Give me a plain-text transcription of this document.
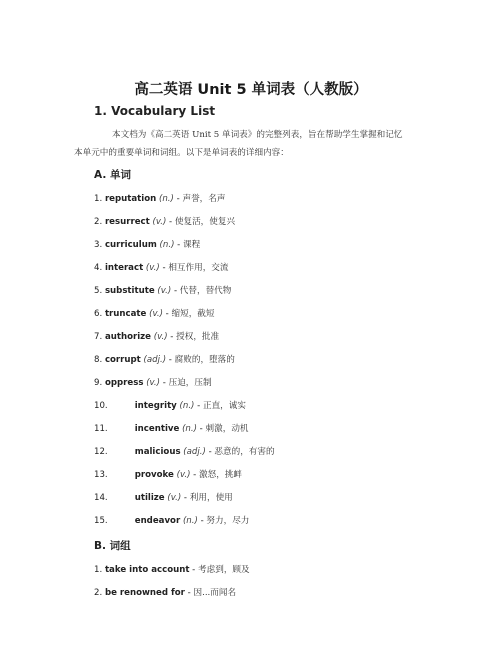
高二英语 Unit 5 单词表（人教版）
1. Vocabulary List
本文档为《高二英语 Unit 5 单词表》的完整列表，旨在帮助学生掌握和记忆
本单元中的重要单词和词组。以下是单词表的详细内容：
A. 单词
1. reputation (n.) - 声誉，名声
2. resurrect (v.) - 使复活，使复兴
3. curriculum (n.) - 课程
4. interact (v.) - 相互作用，交流
5. substitute (v.) - 代替，替代物
6. truncate (v.) - 缩短，截短
7. authorize (v.) - 授权，批准
8. corrupt (adj.) - 腐败的，堕落的
9. oppress (v.) - 压迫，压制
10.	integrity (n.) - 正直，诚实
11.	incentive (n.) - 刺激，动机
12.	malicious (adj.) - 恶意的，有害的
13.	provoke (v.) - 激怒，挑衅
14.	utilize (v.) - 利用，使用
15.	endeavor (n.) - 努力，尽力
B. 词组
1. take into account - 考虑到，顾及
2. be renowned for - 因...而闻名
